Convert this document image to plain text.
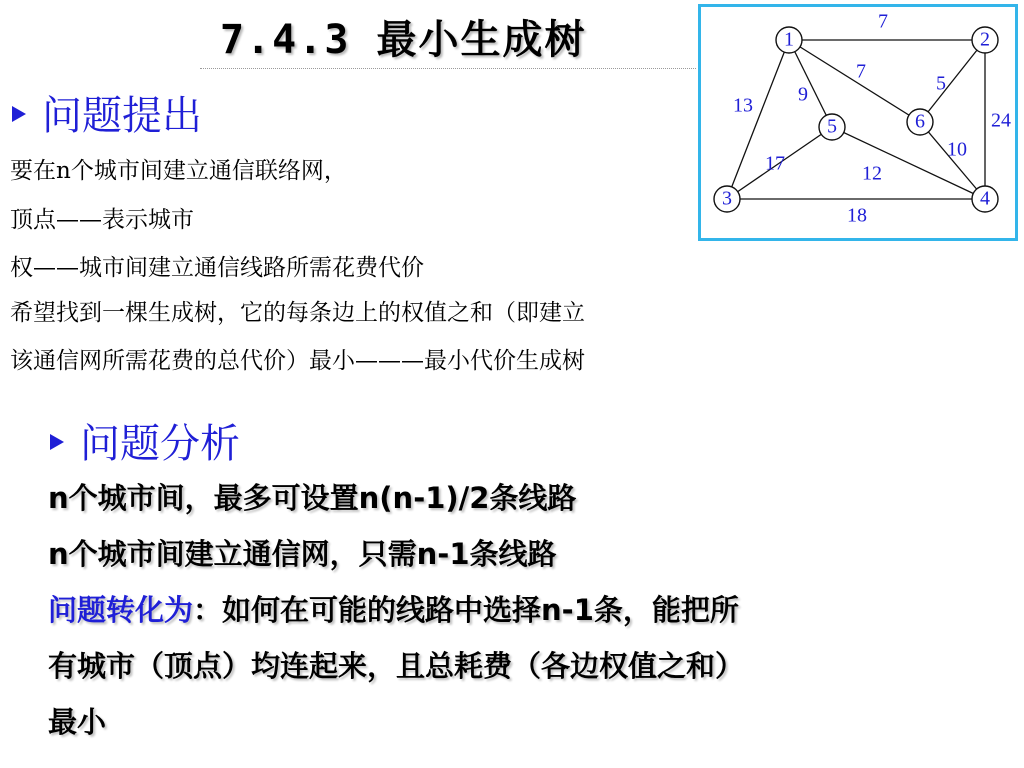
7.4.3 最小生成树	7
7
9
13
5
24
10
12
17
18
1	2
3	4
5	6
问题提出
要在n个城市间建立通信联络网，
顶点——表示城市
权——城市间建立通信线路所需花费代价
希望找到一棵生成树，它的每条边上的权值之和（即建立
该通信网所需花费的总代价）最小———最小代价生成树
问题分析
n个城市间，最多可设置n(n-1)/2条线路
n个城市间建立通信网，只需n-1条线路
问题转化为：如何在可能的线路中选择n-1条，能把所
有城市（顶点）均连起来，且总耗费（各边权值之和）
最小
